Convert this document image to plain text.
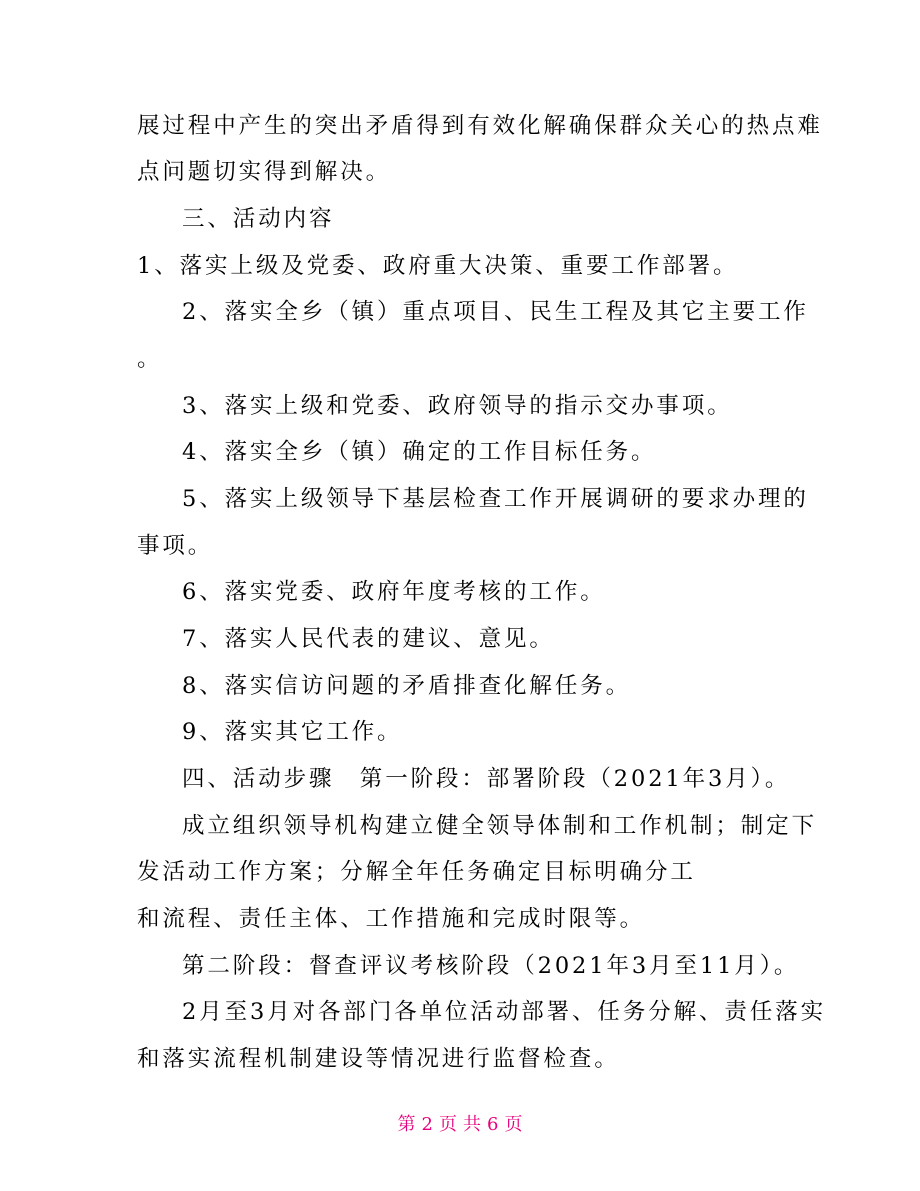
展过程中产生的突出矛盾得到有效化解确保群众关心的热点难
点问题切实得到解决。
三、活动内容
1、落实上级及党委、政府重大决策、重要工作部署。
2、落实全乡（镇）重点项目、民生工程及其它主要工作
。
3、落实上级和党委、政府领导的指示交办事项。
4、落实全乡（镇）确定的工作目标任务。
5、落实上级领导下基层检查工作开展调研的要求办理的
事项。
6、落实党委、政府年度考核的工作。
7、落实人民代表的建议、意见。
8、落实信访问题的矛盾排查化解任务。
9、落实其它工作。
四、活动步骤　第一阶段：部署阶段（2021年3月）。
成立组织领导机构建立健全领导体制和工作机制；制定下
发活动工作方案；分解全年任务确定目标明确分工
和流程、责任主体、工作措施和完成时限等。
第二阶段：督查评议考核阶段（2021年3月至11月）。
2月至3月对各部门各单位活动部署、任务分解、责任落实
和落实流程机制建设等情况进行监督检查。
第 2 页 共 6 页
